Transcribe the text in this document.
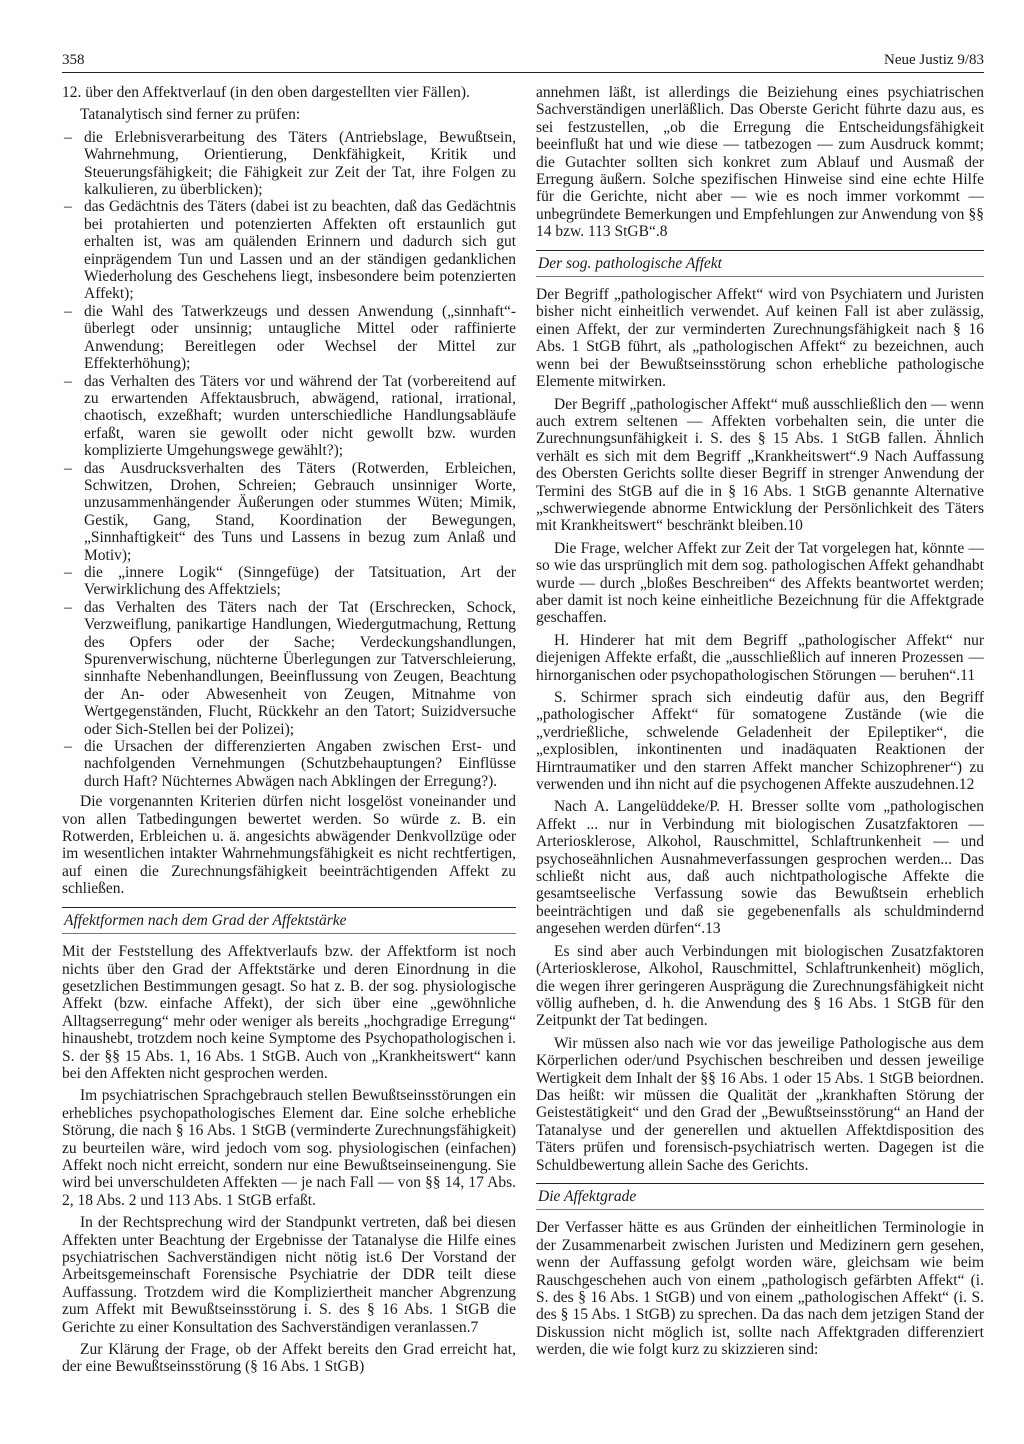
358	Neue Justiz 9/83

12. über den Affektverlauf (in den oben dargestellten vier Fällen).

Tatanalytisch sind ferner zu prüfen:

– die Erlebnisverarbeitung des Täters (Antriebslage, Bewußtsein, Wahrnehmung, Orientierung, Denkfähigkeit, Kritik und Steuerungsfähigkeit; die Fähigkeit zur Zeit der Tat, ihre Folgen zu kalkulieren, zu überblicken);
– das Gedächtnis des Täters (dabei ist zu beachten, daß das Gedächtnis bei protahierten und potenzierten Affekten oft erstaunlich gut erhalten ist, was am quälenden Erinnern und dadurch sich gut einprägendem Tun und Lassen und an der ständigen gedanklichen Wiederholung des Geschehens liegt, insbesondere beim potenzierten Affekt);
– die Wahl des Tatwerkzeugs und dessen Anwendung („sinnhaft“-überlegt oder unsinnig; untaugliche Mittel oder raffinierte Anwendung; Bereitlegen oder Wechsel der Mittel zur Effekterhöhung);
– das Verhalten des Täters vor und während der Tat (vorbereitend auf zu erwartenden Affektausbruch, abwägend, rational, irrational, chaotisch, exzeßhaft; wurden unterschiedliche Handlungsabläufe erfaßt, waren sie gewollt oder nicht gewollt bzw. wurden komplizierte Umgehungswege gewählt?);
– das Ausdrucksverhalten des Täters (Rotwerden, Erbleichen, Schwitzen, Drohen, Schreien; Gebrauch unsinniger Worte, unzusammenhängender Äußerungen oder stummes Wüten; Mimik, Gestik, Gang, Stand, Koordination der Bewegungen, „Sinnhaftigkeit“ des Tuns und Lassens in bezug zum Anlaß und Motiv);
– die „innere Logik“ (Sinngefüge) der Tatsituation, Art der Verwirklichung des Affektziels;
– das Verhalten des Täters nach der Tat (Erschrecken, Schock, Verzweiflung, panikartige Handlungen, Wiedergutmachung, Rettung des Opfers oder der Sache; Verdeckungshandlungen, Spurenverwischung, nüchterne Überlegungen zur Tatverschleierung, sinnhafte Nebenhandlungen, Beeinflussung von Zeugen, Beachtung der An- oder Abwesenheit von Zeugen, Mitnahme von Wertgegenständen, Flucht, Rückkehr an den Tatort; Suizidversuche oder Sich-Stellen bei der Polizei);
– die Ursachen der differenzierten Angaben zwischen Erst- und nachfolgenden Vernehmungen (Schutzbehauptungen? Einflüsse durch Haft? Nüchternes Abwägen nach Abklingen der Erregung?).

Die vorgenannten Kriterien dürfen nicht losgelöst voneinander und von allen Tatbedingungen bewertet werden. So würde z. B. ein Rotwerden, Erbleichen u. ä. angesichts abwägender Denkvollzüge oder im wesentlichen intakter Wahrnehmungsfähigkeit es nicht rechtfertigen, auf einen die Zurechnungsfähigkeit beeinträchtigenden Affekt zu schließen.

Affektformen nach dem Grad der Affektstärke

Mit der Feststellung des Affektverlaufs bzw. der Affektform ist noch nichts über den Grad der Affektstärke und deren Einordnung in die gesetzlichen Bestimmungen gesagt. So hat z. B. der sog. physiologische Affekt (bzw. einfache Affekt), der sich über eine „gewöhnliche Alltagserregung“ mehr oder weniger als bereits „hochgradige Erregung“ hinaushebt, trotzdem noch keine Symptome des Psychopathologischen i. S. der §§ 15 Abs. 1, 16 Abs. 1 StGB. Auch von „Krankheitswert“ kann bei den Affekten nicht gesprochen werden.

Im psychiatrischen Sprachgebrauch stellen Bewußtseinsstörungen ein erhebliches psychopathologisches Element dar. Eine solche erhebliche Störung, die nach § 16 Abs. 1 StGB (verminderte Zurechnungsfähigkeit) zu beurteilen wäre, wird jedoch vom sog. physiologischen (einfachen) Affekt noch nicht erreicht, sondern nur eine Bewußtseinseinengung. Sie wird bei unverschuldeten Affekten — je nach Fall — von §§ 14, 17 Abs. 2, 18 Abs. 2 und 113 Abs. 1 StGB erfaßt.

In der Rechtsprechung wird der Standpunkt vertreten, daß bei diesen Affekten unter Beachtung der Ergebnisse der Tatanalyse die Hilfe eines psychiatrischen Sachverständigen nicht nötig ist.6 Der Vorstand der Arbeitsgemeinschaft Forensische Psychiatrie der DDR teilt diese Auffassung. Trotzdem wird die Kompliziertheit mancher Abgrenzung zum Affekt mit Bewußtseinsstörung i. S. des § 16 Abs. 1 StGB die Gerichte zu einer Konsultation des Sachverständigen veranlassen.7

Zur Klärung der Frage, ob der Affekt bereits den Grad erreicht hat, der eine Bewußtseinsstörung (§ 16 Abs. 1 StGB)

annehmen läßt, ist allerdings die Beiziehung eines psychiatrischen Sachverständigen unerläßlich. Das Oberste Gericht führte dazu aus, es sei festzustellen, „ob die Erregung die Entscheidungsfähigkeit beeinflußt hat und wie diese — tatbezogen — zum Ausdruck kommt; die Gutachter sollten sich konkret zum Ablauf und Ausmaß der Erregung äußern. Solche spezifischen Hinweise sind eine echte Hilfe für die Gerichte, nicht aber — wie es noch immer vorkommt — unbegründete Bemerkungen und Empfehlungen zur Anwendung von §§ 14 bzw. 113 StGB“.8

Der sog. pathologische Affekt

Der Begriff „pathologischer Affekt“ wird von Psychiatern und Juristen bisher nicht einheitlich verwendet. Auf keinen Fall ist aber zulässig, einen Affekt, der zur verminderten Zurechnungsfähigkeit nach § 16 Abs. 1 StGB führt, als „pathologischen Affekt“ zu bezeichnen, auch wenn bei der Bewußtseinsstörung schon erhebliche pathologische Elemente mitwirken.

Der Begriff „pathologischer Affekt“ muß ausschließlich den — wenn auch extrem seltenen — Affekten vorbehalten sein, die unter die Zurechnungsunfähigkeit i. S. des § 15 Abs. 1 StGB fallen. Ähnlich verhält es sich mit dem Begriff „Krankheitswert“.9 Nach Auffassung des Obersten Gerichts sollte dieser Begriff in strenger Anwendung der Termini des StGB auf die in § 16 Abs. 1 StGB genannte Alternative „schwerwiegende abnorme Entwicklung der Persönlichkeit des Täters mit Krankheitswert“ beschränkt bleiben.10

Die Frage, welcher Affekt zur Zeit der Tat vorgelegen hat, könnte — so wie das ursprünglich mit dem sog. pathologischen Affekt gehandhabt wurde — durch „bloßes Beschreiben“ des Affekts beantwortet werden; aber damit ist noch keine einheitliche Bezeichnung für die Affektgrade geschaffen.

H. Hinderer hat mit dem Begriff „pathologischer Affekt“ nur diejenigen Affekte erfaßt, die „ausschließlich auf inneren Prozessen — hirnorganischen oder psychopathologischen Störungen — beruhen“.11

S. Schirmer sprach sich eindeutig dafür aus, den Begriff „pathologischer Affekt“ für somatogene Zustände (wie die „verdrießliche, schwelende Geladenheit der Epileptiker“, die „explosiblen, inkontinenten und inadäquaten Reaktionen der Hirntraumatiker und den starren Affekt mancher Schizophrener“) zu verwenden und ihn nicht auf die psychogenen Affekte auszudehnen.12

Nach A. Langelüddeke/P. H. Bresser sollte vom „pathologischen Affekt ... nur in Verbindung mit biologischen Zusatzfaktoren — Arteriosklerose, Alkohol, Rauschmittel, Schlaftrunkenheit — und psychoseähnlichen Ausnahmeverfassungen gesprochen werden... Das schließt nicht aus, daß auch nichtpathologische Affekte die gesamtseelische Verfassung sowie das Bewußtsein erheblich beeinträchtigen und daß sie gegebenenfalls als schuldmindernd angesehen werden dürfen“.13

Es sind aber auch Verbindungen mit biologischen Zusatzfaktoren (Arteriosklerose, Alkohol, Rauschmittel, Schlaftrunkenheit) möglich, die wegen ihrer geringeren Ausprägung die Zurechnungsfähigkeit nicht völlig aufheben, d. h. die Anwendung des § 16 Abs. 1 StGB für den Zeitpunkt der Tat bedingen.

Wir müssen also nach wie vor das jeweilige Pathologische aus dem Körperlichen oder/und Psychischen beschreiben und dessen jeweilige Wertigkeit dem Inhalt der §§ 16 Abs. 1 oder 15 Abs. 1 StGB beiordnen. Das heißt: wir müssen die Qualität der „krankhaften Störung der Geistestätigkeit“ und den Grad der „Bewußtseinsstörung“ an Hand der Tatanalyse und der generellen und aktuellen Affektdisposition des Täters prüfen und forensisch-psychiatrisch werten. Dagegen ist die Schuldbewertung allein Sache des Gerichts.

Die Affektgrade

Der Verfasser hätte es aus Gründen der einheitlichen Terminologie in der Zusammenarbeit zwischen Juristen und Medizinern gern gesehen, wenn der Auffassung gefolgt worden wäre, gleichsam wie beim Rauschgeschehen auch von einem „pathologisch gefärbten Affekt“ (i. S. des § 16 Abs. 1 StGB) und von einem „pathologischen Affekt“ (i. S. des § 15 Abs. 1 StGB) zu sprechen. Da das nach dem jetzigen Stand der Diskussion nicht möglich ist, sollte nach Affektgraden differenziert werden, die wie folgt kurz zu skizzieren sind:
